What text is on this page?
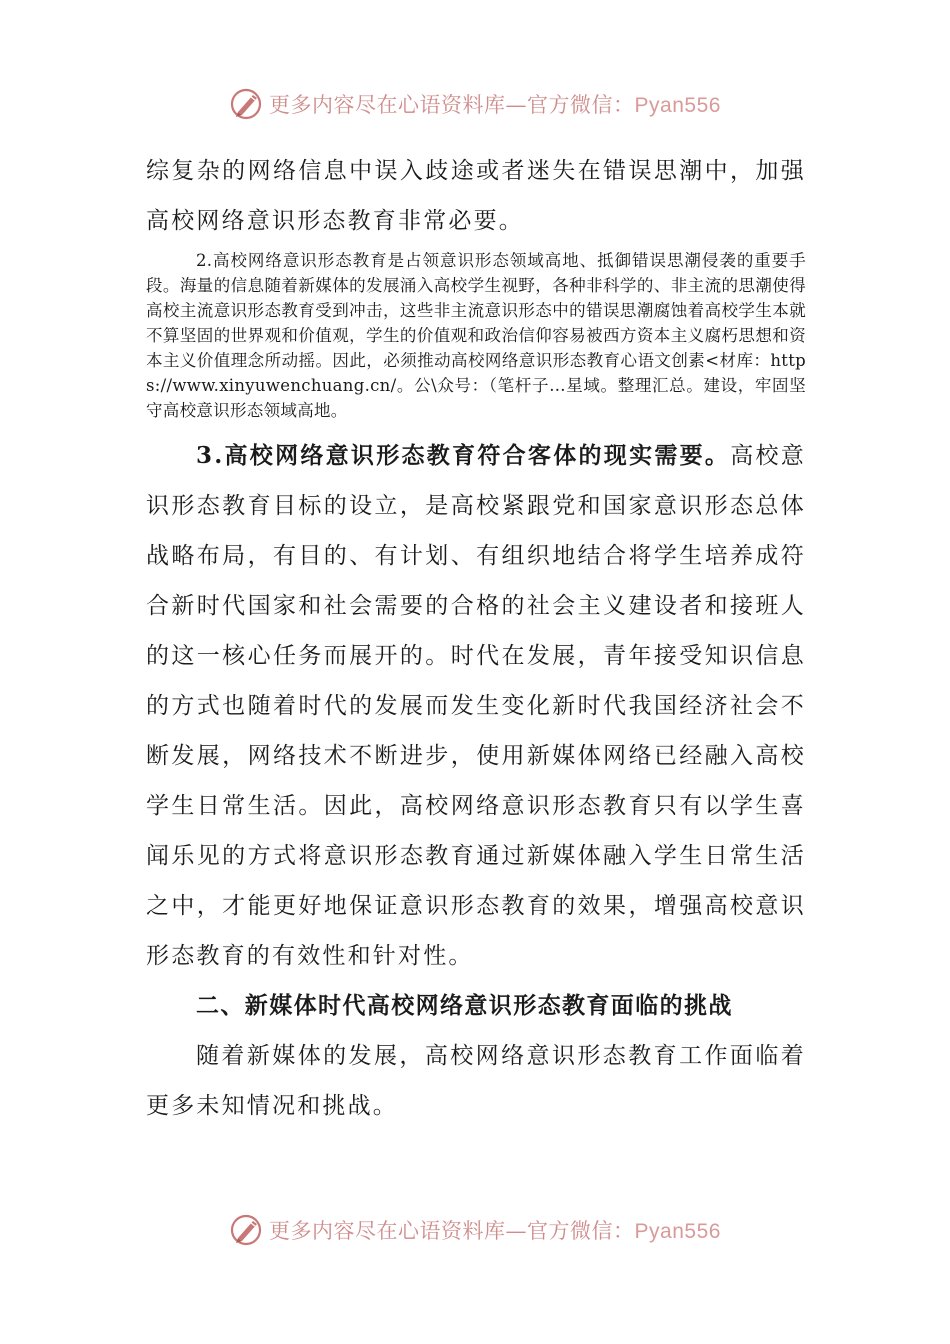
更多内容尽在心语资料库—官方微信：Pyan556

综复杂的网络信息中误入歧途或者迷失在错误思潮中，加强高校网络意识形态教育非常必要。

2.高校网络意识形态教育是占领意识形态领域高地、抵御错误思潮侵袭的重要手段。海量的信息随着新媒体的发展涌入高校学生视野，各种非科学的、非主流的思潮使得高校主流意识形态教育受到冲击，这些非主流意识形态中的错误思潮腐蚀着高校学生本就不算坚固的世界观和价值观，学生的价值观和政治信仰容易被西方资本主义腐朽思想和资本主义价值理念所动摇。因此，必须推动高校网络意识形态教育心语文创素<材库：https://www.xinyuwenchuang.cn/。公\众号：（笔杆子…星域。整理汇总。建设，牢固坚守高校意识形态领域高地。

3.高校网络意识形态教育符合客体的现实需要。高校意识形态教育目标的设立，是高校紧跟党和国家意识形态总体战略布局，有目的、有计划、有组织地结合将学生培养成符合新时代国家和社会需要的合格的社会主义建设者和接班人的这一核心任务而展开的。时代在发展，青年接受知识信息的方式也随着时代的发展而发生变化新时代我国经济社会不断发展，网络技术不断进步，使用新媒体网络已经融入高校学生日常生活。因此，高校网络意识形态教育只有以学生喜闻乐见的方式将意识形态教育通过新媒体融入学生日常生活之中，才能更好地保证意识形态教育的效果，增强高校意识形态教育的有效性和针对性。

二、新媒体时代高校网络意识形态教育面临的挑战

随着新媒体的发展，高校网络意识形态教育工作面临着更多未知情况和挑战。

更多内容尽在心语资料库—官方微信：Pyan556
